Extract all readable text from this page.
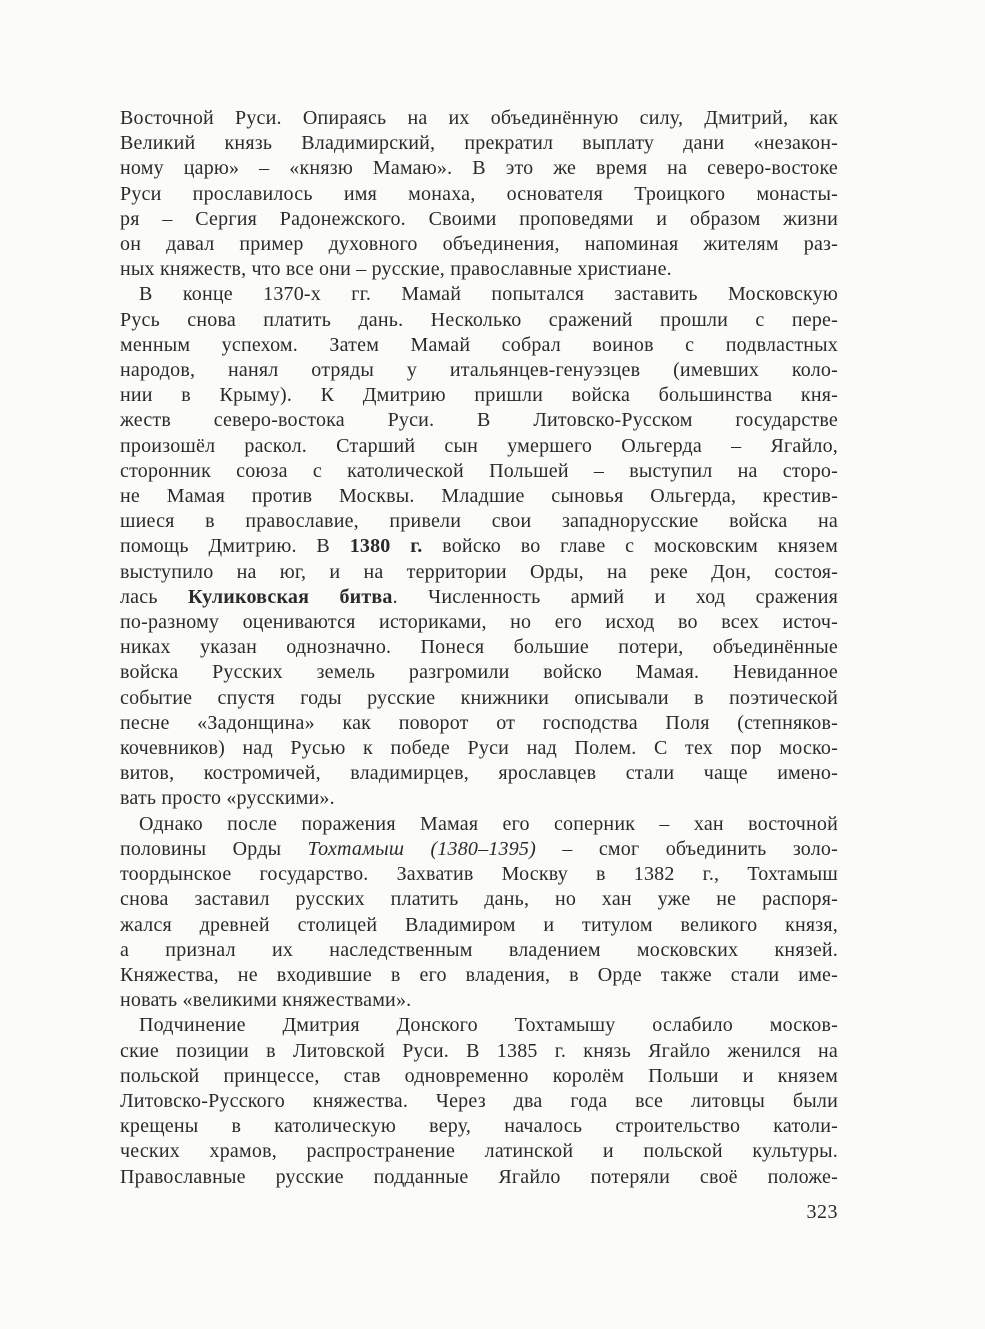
Восточной Руси. Опираясь на их объединённую силу, Дмитрий, как
Великий князь Владимирский, прекратил выплату дани «незакон-
ному царю» – «князю Мамаю». В это же время на северо-востоке
Руси прославилось имя монаха, основателя Троицкого монасты-
ря – Сергия Радонежского. Своими проповедями и образом жизни
он давал пример духовного объединения, напоминая жителям раз-
ных княжеств, что все они – русские, православные христиане.
В конце 1370-х гг. Мамай попытался заставить Московскую
Русь снова платить дань. Несколько сражений прошли с пере-
менным успехом. Затем Мамай собрал воинов с подвластных
народов, нанял отряды у итальянцев-генуэзцев (имевших коло-
нии в Крыму). К Дмитрию пришли войска большинства кня-
жеств северо-востока Руси. В Литовско-Русском государстве
произошёл раскол. Старший сын умершего Ольгерда – Ягайло,
сторонник союза с католической Польшей – выступил на сторо-
не Мамая против Москвы. Младшие сыновья Ольгерда, крестив-
шиеся в православие, привели свои западнорусские войска на
помощь Дмитрию. В 1380 г. войско во главе с московским князем
выступило на юг, и на территории Орды, на реке Дон, состоя-
лась Куликовская битва. Численность армий и ход сражения
по-разному оцениваются историками, но его исход во всех источ-
никах указан однозначно. Понеся большие потери, объединённые
войска Русских земель разгромили войско Мамая. Невиданное
событие спустя годы русские книжники описывали в поэтической
песне «Задонщина» как поворот от господства Поля (степняков-
кочевников) над Русью к победе Руси над Полем. С тех пор моско-
витов, костромичей, владимирцев, ярославцев стали чаще имено-
вать просто «русскими».
Однако после поражения Мамая его соперник – хан восточной
половины Орды Тохтамыш (1380–1395) – смог объединить золо-
тоордынское государство. Захватив Москву в 1382 г., Тохтамыш
снова заставил русских платить дань, но хан уже не распоря-
жался древней столицей Владимиром и титулом великого князя,
а признал их наследственным владением московских князей.
Княжества, не входившие в его владения, в Орде также стали име-
новать «великими княжествами».
Подчинение Дмитрия Донского Тохтамышу ослабило москов-
ские позиции в Литовской Руси. В 1385 г. князь Ягайло женился на
польской принцессе, став одновременно королём Польши и князем
Литовско-Русского княжества. Через два года все литовцы были
крещены в католическую веру, началось строительство католи-
ческих храмов, распространение латинской и польской культуры.
Православные русские подданные Ягайло потеряли своё положе-
323
